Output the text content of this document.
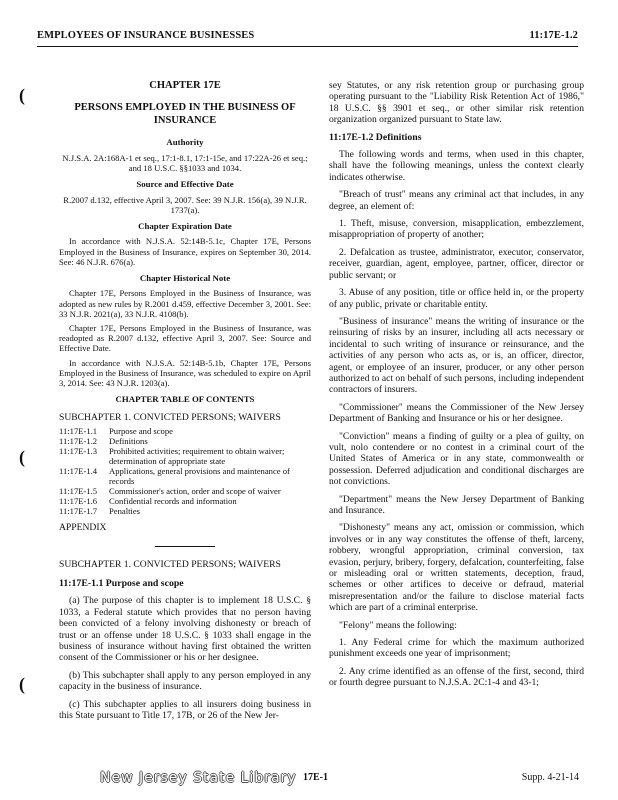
EMPLOYEES OF INSURANCE BUSINESSES	11:17E-1.2
(
(
(
CHAPTER 17E
PERSONS EMPLOYED IN THE BUSINESS OF INSURANCE
Authority
N.J.S.A. 2A:168A-1 et seq., 17:1-8.1, 17:1-15e, and 17:22A-26 et seq.; and 18 U.S.C. §§1033 and 1034.
Source and Effective Date
R.2007 d.132, effective April 3, 2007. See: 39 N.J.R. 156(a), 39 N.J.R. 1737(a).
Chapter Expiration Date

In accordance with N.J.S.A. 52:14B-5.1c, Chapter 17E, Persons Employed in the Business of Insurance, expires on September 30, 2014. See: 46 N.J.R. 676(a).

Chapter Historical Note

Chapter 17E, Persons Employed in the Business of Insurance, was adopted as new rules by R.2001 d.459, effective December 3, 2001. See: 33 N.J.R. 2021(a), 33 N.J.R. 4108(b).

Chapter 17E, Persons Employed in the Business of Insurance, was readopted as R.2007 d.132, effective April 3, 2007. See: Source and Effective Date.

In accordance with N.J.S.A. 52:14B-5.1b, Chapter 17E, Persons Employed in the Business of Insurance, was scheduled to expire on April 3, 2014. See: 43 N.J.R. 1203(a).

CHAPTER TABLE OF CONTENTS
SUBCHAPTER 1. CONVICTED PERSONS; WAIVERS
11:17E-1.1	Purpose and scope
11:17E-1.2	Definitions
11:17E-1.3	Prohibited activities; requirement to obtain waiver; determination of appropriate state
11:17E-1.4	Applications, general provisions and maintenance of records
11:17E-1.5	Commissioner's action, order and scope of waiver
11:17E-1.6	Confidential records and information
11:17E-1.7	Penalties
APPENDIX
SUBCHAPTER 1. CONVICTED PERSONS; WAIVERS
11:17E-1.1 Purpose and scope

(a) The purpose of this chapter is to implement 18 U.S.C. § 1033, a Federal statute which provides that no person having been convicted of a felony involving dishonesty or breach of trust or an offense under 18 U.S.C. § 1033 shall engage in the business of insurance without having first obtained the written consent of the Commissioner or his or her designee.

(b) This subchapter shall apply to any person employed in any capacity in the business of insurance.

(c) This subchapter applies to all insurers doing business in this State pursuant to Title 17, 17B, or 26 of the New Jer-

sey Statutes, or any risk retention group or purchasing group operating pursuant to the "Liability Risk Retention Act of 1986," 18 U.S.C. §§ 3901 et seq., or other similar risk retention organization organized pursuant to State law.

11:17E-1.2 Definitions

The following words and terms, when used in this chapter, shall have the following meanings, unless the context clearly indicates otherwise.

"Breach of trust" means any criminal act that includes, in any degree, an element of:

1. Theft, misuse, conversion, misapplication, embezzlement, misappropriation of property of another;

2. Defalcation as trustee, administrator, executor, conservator, receiver, guardian, agent, employee, partner, officer, director or public servant; or

3. Abuse of any position, title or office held in, or the property of any public, private or charitable entity.

"Business of insurance" means the writing of insurance or the reinsuring of risks by an insurer, including all acts necessary or incidental to such writing of insurance or reinsurance, and the activities of any person who acts as, or is, an officer, director, agent, or employee of an insurer, producer, or any other person authorized to act on behalf of such persons, including independent contractors of insurers.

"Commissioner" means the Commissioner of the New Jersey Department of Banking and Insurance or his or her designee.

"Conviction" means a finding of guilty or a plea of guilty, on vult, nolo contendere or no contest in a criminal court of the United States of America or in any state, commonwealth or possession. Deferred adjudication and conditional discharges are not convictions.

"Department" means the New Jersey Department of Banking and Insurance.

"Dishonesty" means any act, omission or commission, which involves or in any way constitutes the offense of theft, larceny, robbery, wrongful appropriation, criminal conversion, tax evasion, perjury, bribery, forgery, defalcation, counterfeiting, false or misleading oral or written statements, deception, fraud, schemes or other artifices to deceive or defraud, material misrepresentation and/or the failure to disclose material facts which are part of a criminal enterprise.

"Felony" means the following:

1. Any Federal crime for which the maximum authorized punishment exceeds one year of imprisonment;

2. Any crime identified as an offense of the first, second, third or fourth degree pursuant to N.J.S.A. 2C:1-4 and 43-1;

New Jersey State Library 17E-1	Supp. 4-21-14
